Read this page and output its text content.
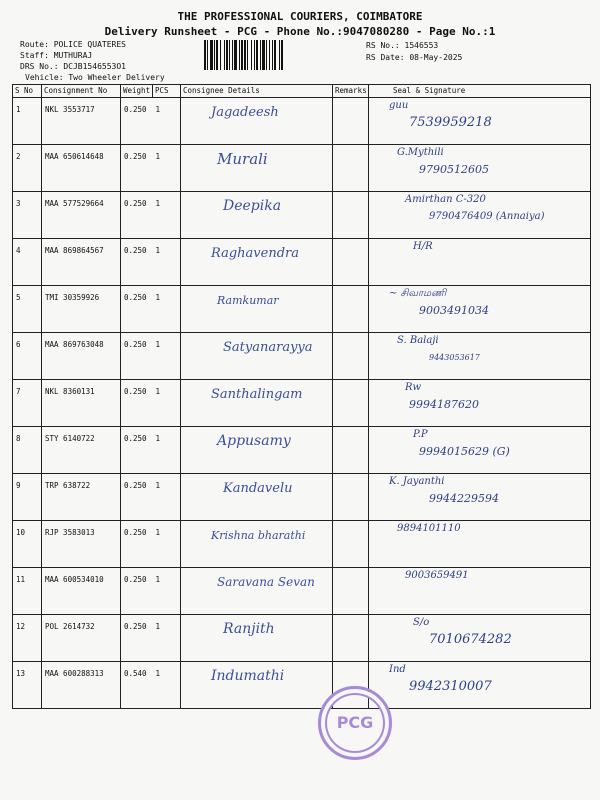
THE PROFESSIONAL COURIERS, COIMBATORE
Delivery Runsheet - PCG - Phone No.:9047080280 - Page No.:1
Route: POLICE QUATERES
Staff: MUTHURAJ
DRS No.: DCJB1546553O1
Vehicle: Two Wheeler Delivery
RS No.: 1546553
RS Date: 08-May-2025
S No	Consignment No	Weight	PCS	Consignee Details	Remarks	Seal & Signature
1	NKL 3553717	0.250	1	Jagadeesh		guu
7539959218

2	MAA 650614648	0.250	1	Murali		G.Mythili
9790512605

3	MAA 577529664	0.250	1	Deepika		Amirthan C-320
9790476409 (Annaiya)

4	MAA 869864567	0.250	1	Raghavendra		H/R

5	TMI 30359926	0.250	1	Ramkumar		~ சிவாமணி
9003491034

6	MAA 869763048	0.250	1	Satyanarayya		S. Balaji
9443053617

7	NKL 8360131	0.250	1	Santhalingam		Rw
9994187620

8	STY 6140722	0.250	1	Appusamy		P.P
9994015629 (G)

9	TRP 638722	0.250	1	Kandavelu		K. Jayanthi
9944229594

10	RJP 3583013	0.250	1	Krishna bharathi		9894101110

11	MAA 600534010	0.250	1	Saravana Sevan		9003659491

12	POL 2614732	0.250	1	Ranjith		S/o
7010674282

13	MAA 600288313	0.540	1	Indumathi		Ind
9942310007
PCG
